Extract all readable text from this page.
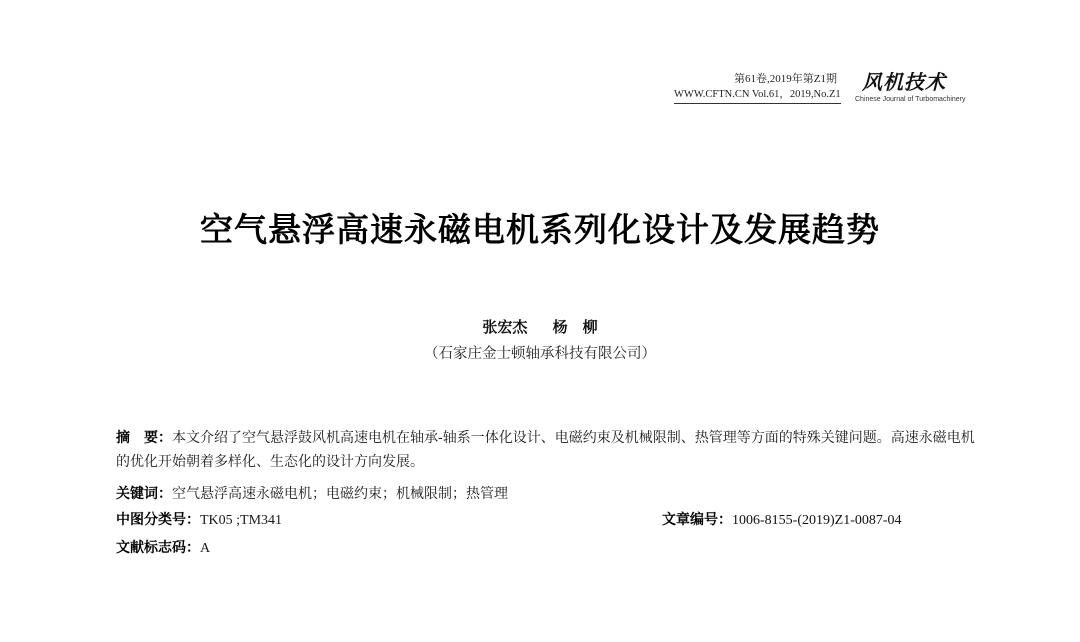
第61卷,2019年第Z1期
WWW.CFTN.CN Vol.61，2019,No.Z1
风机技术
Chinese Journal of Turbomachinery
空气悬浮高速永磁电机系列化设计及发展趋势
张宏杰 杨　柳
（石家庄金士顿轴承科技有限公司）
摘　要：本文介绍了空气悬浮鼓风机高速电机在轴承-轴系一体化设计、电磁约束及机械限制、热管理等方面的特殊关键问题。高速永磁电机的优化开始朝着多样化、生态化的设计方向发展。
关键词：空气悬浮高速永磁电机；电磁约束；机械限制；热管理
中图分类号：TK05 ;TM341	文章编号：1006-8155-(2019)Z1-0087-04
文献标志码：A
